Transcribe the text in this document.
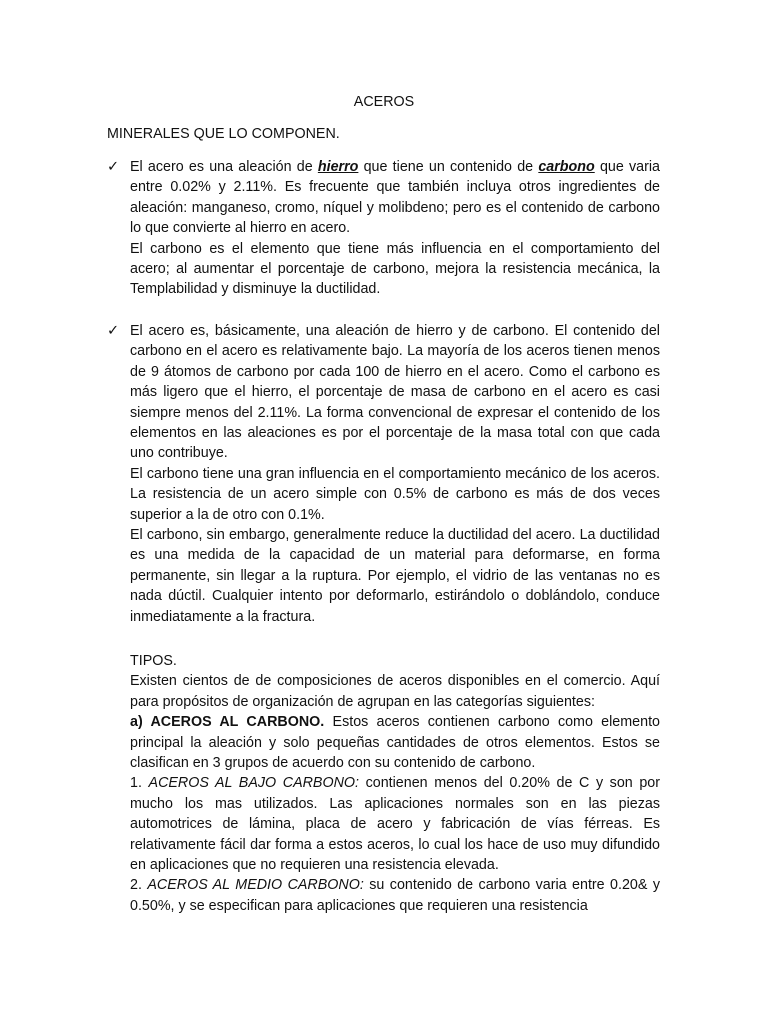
ACEROS
MINERALES QUE LO COMPONEN.
✓ El acero es una aleación de hierro que tiene un contenido de carbono que varia entre 0.02% y 2.11%. Es frecuente que también incluya otros ingredientes de aleación: manganeso, cromo, níquel y molibdeno; pero es el contenido de carbono lo que convierte al hierro en acero.

El carbono es el elemento que tiene más influencia en el comportamiento del acero; al aumentar el porcentaje de carbono, mejora la resistencia mecánica, la Templabilidad y disminuye la ductilidad.

✓ El acero es, básicamente, una aleación de hierro y de carbono. El contenido del carbono en el acero es relativamente bajo. La mayoría de los aceros tienen menos de 9 átomos de carbono por cada 100 de hierro en el acero. Como el carbono es más ligero que el hierro, el porcentaje de masa de carbono en el acero es casi siempre menos del 2.11%. La forma convencional de expresar el contenido de los elementos en las aleaciones es por el porcentaje de la masa total con que cada uno contribuye.

El carbono tiene una gran influencia en el comportamiento mecánico de los aceros. La resistencia de un acero simple con 0.5% de carbono es más de dos veces superior a la de otro con 0.1%.

El carbono, sin embargo, generalmente reduce la ductilidad del acero. La ductilidad es una medida de la capacidad de un material para deformarse, en forma permanente, sin llegar a la ruptura. Por ejemplo, el vidrio de las ventanas no es nada dúctil. Cualquier intento por deformarlo, estirándolo o doblándolo, conduce inmediatamente a la fractura.

TIPOS.

Existen cientos de de composiciones de aceros disponibles en el comercio. Aquí para propósitos de organización de agrupan en las categorías siguientes:

a) ACEROS AL CARBONO. Estos aceros contienen carbono como elemento principal la aleación y solo pequeñas cantidades de otros elementos. Estos se clasifican en 3 grupos de acuerdo con su contenido de carbono.

1. ACEROS AL BAJO CARBONO: contienen menos del 0.20% de C y son por mucho los mas utilizados. Las aplicaciones normales son en las piezas automotrices de lámina, placa de acero y fabricación de vías férreas. Es relativamente fácil dar forma a estos aceros, lo cual los hace de uso muy difundido en aplicaciones que no requieren una resistencia elevada.

2. ACEROS AL MEDIO CARBONO: su contenido de carbono varia entre 0.20& y 0.50%, y se especifican para aplicaciones que requieren una resistencia
